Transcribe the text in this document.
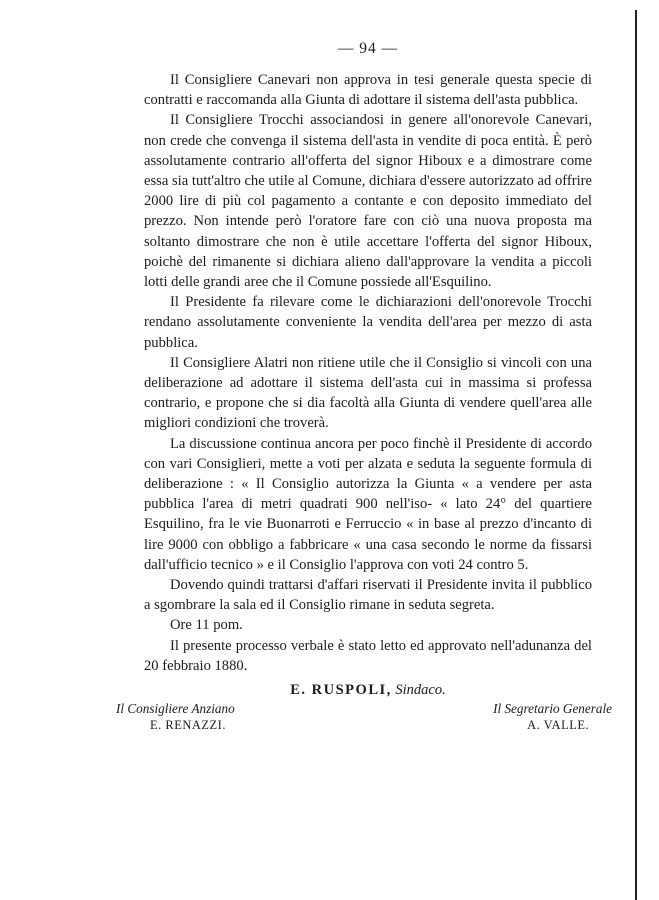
— 94 —

Il Consigliere Canevari non approva in tesi generale questa specie di contratti e raccomanda alla Giunta di adottare il sistema dell'asta pubblica.

Il Consigliere Trocchi associandosi in genere all'onorevole Canevari, non crede che convenga il sistema dell'asta in vendite di poca entità. È però assolutamente contrario all'offerta del signor Hiboux e a dimostrare come essa sia tutt'altro che utile al Comune, dichiara d'essere autorizzato ad offrire 2000 lire di più col pagamento a contante e con deposito immediato del prezzo. Non intende però l'oratore fare con ciò una nuova proposta ma soltanto dimostrare che non è utile accettare l'offerta del signor Hiboux, poichè del rimanente si dichiara alieno dall'approvare la vendita a piccoli lotti delle grandi aree che il Comune possiede all'Esquilino.

Il Presidente fa rilevare come le dichiarazioni dell'onorevole Trocchi rendano assolutamente conveniente la vendita dell'area per mezzo di asta pubblica.

Il Consigliere Alatri non ritiene utile che il Consiglio si vincoli con una deliberazione ad adottare il sistema dell'asta cui in massima si professa contrario, e propone che si dia facoltà alla Giunta di vendere quell'area alle migliori condizioni che troverà.

La discussione continua ancora per poco finchè il Presidente di accordo con vari Consiglieri, mette a voti per alzata e seduta la seguente formula di deliberazione : « Il Consiglio autorizza la Giunta « a vendere per asta pubblica l'area di metri quadrati 900 nell'iso- « lato 24° del quartiere Esquilino, fra le vie Buonarroti e Ferruccio « in base al prezzo d'incanto di lire 9000 con obbligo a fabbricare « una casa secondo le norme da fissarsi dall'ufficio tecnico » e il Consiglio l'approva con voti 24 contro 5.

Dovendo quindi trattarsi d'affari riservati il Presidente invita il pubblico a sgombrare la sala ed il Consiglio rimane in seduta segreta.

Ore 11 pom.

Il presente processo verbale è stato letto ed approvato nell'adunanza del 20 febbraio 1880.

E. RUSPOLI, Sindaco.
Il Consigliere Anziano
E. RENAZZI.
Il Segretario Generale
A. VALLE.
